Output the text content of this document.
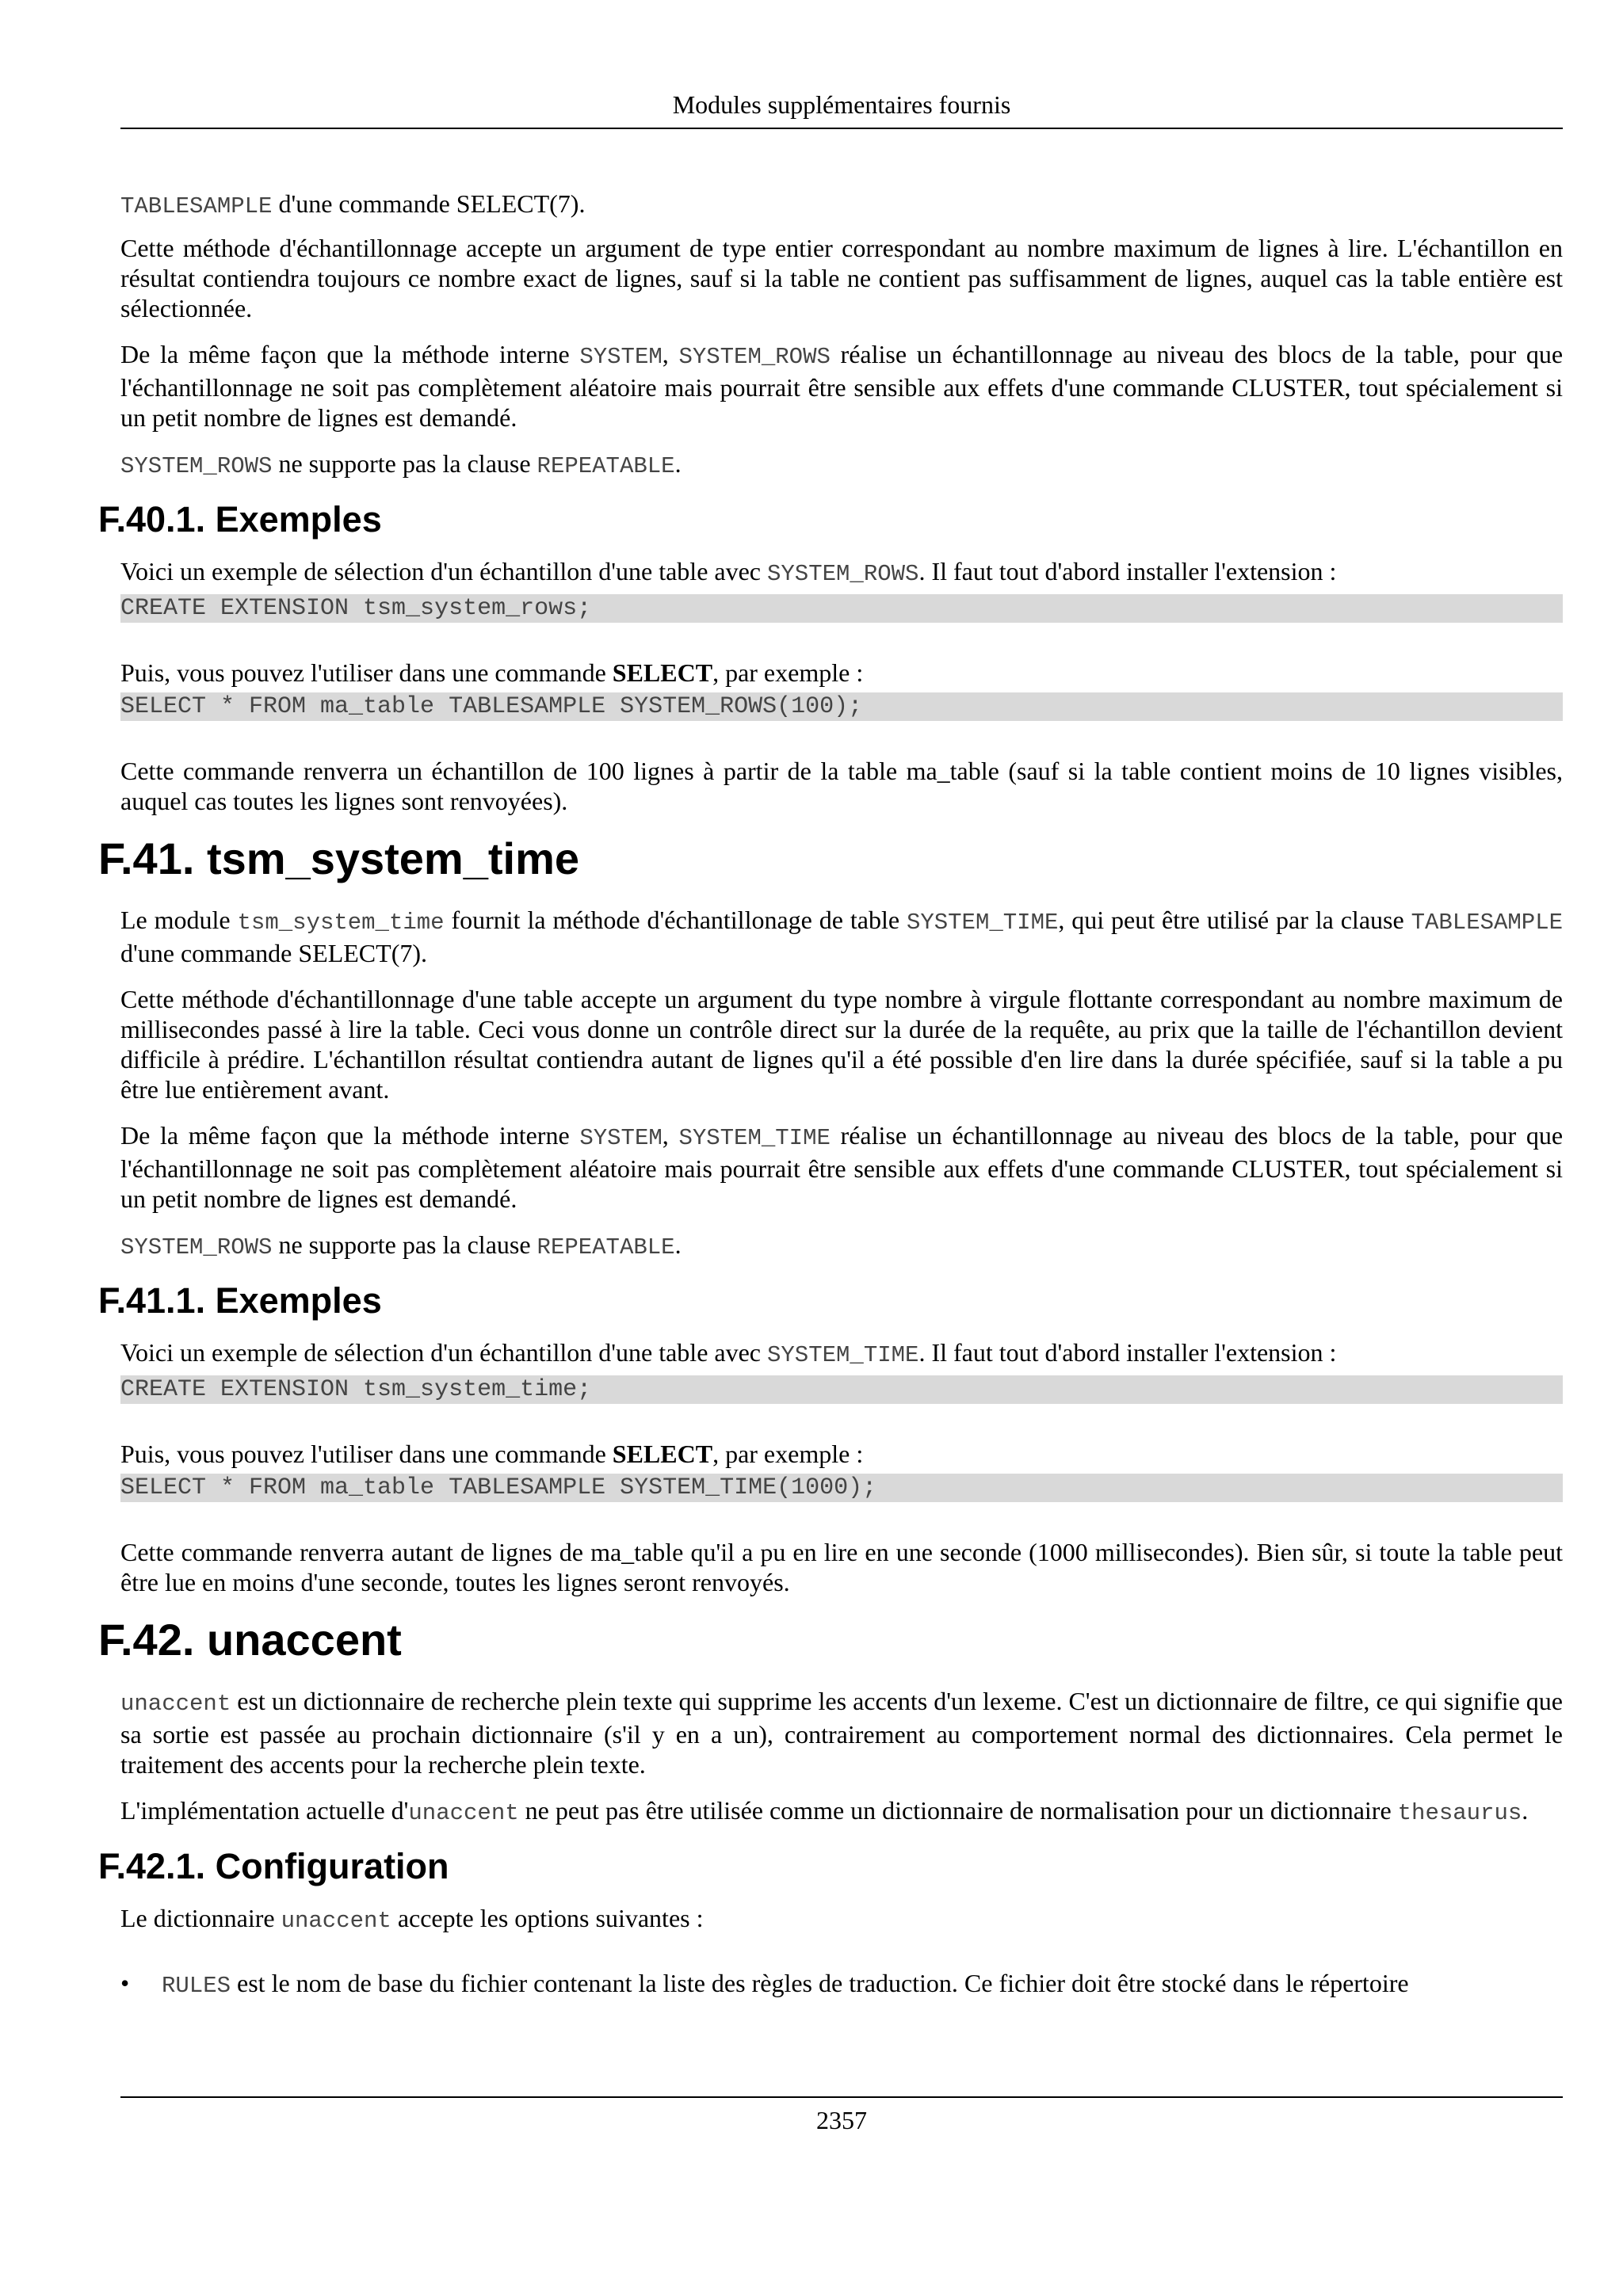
Modules supplémentaires fournis

TABLESAMPLE d'une commande SELECT(7).

Cette méthode d'échantillonnage accepte un argument de type entier correspondant au nombre maximum de lignes à lire. L'échantillon en résultat contiendra toujours ce nombre exact de lignes, sauf si la table ne contient pas suffisamment de lignes, auquel cas la table entière est sélectionnée.

De la même façon que la méthode interne SYSTEM, SYSTEM_ROWS réalise un échantillonnage au niveau des blocs de la table, pour que l'échantillonnage ne soit pas complètement aléatoire mais pourrait être sensible aux effets d'une commande CLUSTER, tout spécialement si un petit nombre de lignes est demandé.

SYSTEM_ROWS ne supporte pas la clause REPEATABLE.

F.40.1. Exemples

Voici un exemple de sélection d'un échantillon d'une table avec SYSTEM_ROWS. Il faut tout d'abord installer l'extension :

CREATE EXTENSION tsm_system_rows;

Puis, vous pouvez l'utiliser dans une commande SELECT, par exemple :

SELECT * FROM ma_table TABLESAMPLE SYSTEM_ROWS(100);

Cette commande renverra un échantillon de 100 lignes à partir de la table ma_table (sauf si la table contient moins de 10 lignes visibles, auquel cas toutes les lignes sont renvoyées).

F.41. tsm_system_time

Le module tsm_system_time fournit la méthode d'échantillonage de table SYSTEM_TIME, qui peut être utilisé par la clause TABLESAMPLE d'une commande SELECT(7).

Cette méthode d'échantillonnage d'une table accepte un argument du type nombre à virgule flottante correspondant au nombre maximum de millisecondes passé à lire la table. Ceci vous donne un contrôle direct sur la durée de la requête, au prix que la taille de l'échantillon devient difficile à prédire. L'échantillon résultat contiendra autant de lignes qu'il a été possible d'en lire dans la durée spécifiée, sauf si la table a pu être lue entièrement avant.

De la même façon que la méthode interne SYSTEM, SYSTEM_TIME réalise un échantillonnage au niveau des blocs de la table, pour que l'échantillonnage ne soit pas complètement aléatoire mais pourrait être sensible aux effets d'une commande CLUSTER, tout spécialement si un petit nombre de lignes est demandé.

SYSTEM_ROWS ne supporte pas la clause REPEATABLE.

F.41.1. Exemples

Voici un exemple de sélection d'un échantillon d'une table avec SYSTEM_TIME. Il faut tout d'abord installer l'extension :

CREATE EXTENSION tsm_system_time;

Puis, vous pouvez l'utiliser dans une commande SELECT, par exemple :

SELECT * FROM ma_table TABLESAMPLE SYSTEM_TIME(1000);

Cette commande renverra autant de lignes de ma_table qu'il a pu en lire en une seconde (1000 millisecondes). Bien sûr, si toute la table peut être lue en moins d'une seconde, toutes les lignes seront renvoyés.

F.42. unaccent

unaccent est un dictionnaire de recherche plein texte qui supprime les accents d'un lexeme. C'est un dictionnaire de filtre, ce qui signifie que sa sortie est passée au prochain dictionnaire (s'il y en a un), contrairement au comportement normal des dictionnaires. Cela permet le traitement des accents pour la recherche plein texte.

L'implémentation actuelle d'unaccent ne peut pas être utilisée comme un dictionnaire de normalisation pour un dictionnaire thesaurus.

F.42.1. Configuration

Le dictionnaire unaccent accepte les options suivantes :

• RULES est le nom de base du fichier contenant la liste des règles de traduction. Ce fichier doit être stocké dans le répertoire

2357
